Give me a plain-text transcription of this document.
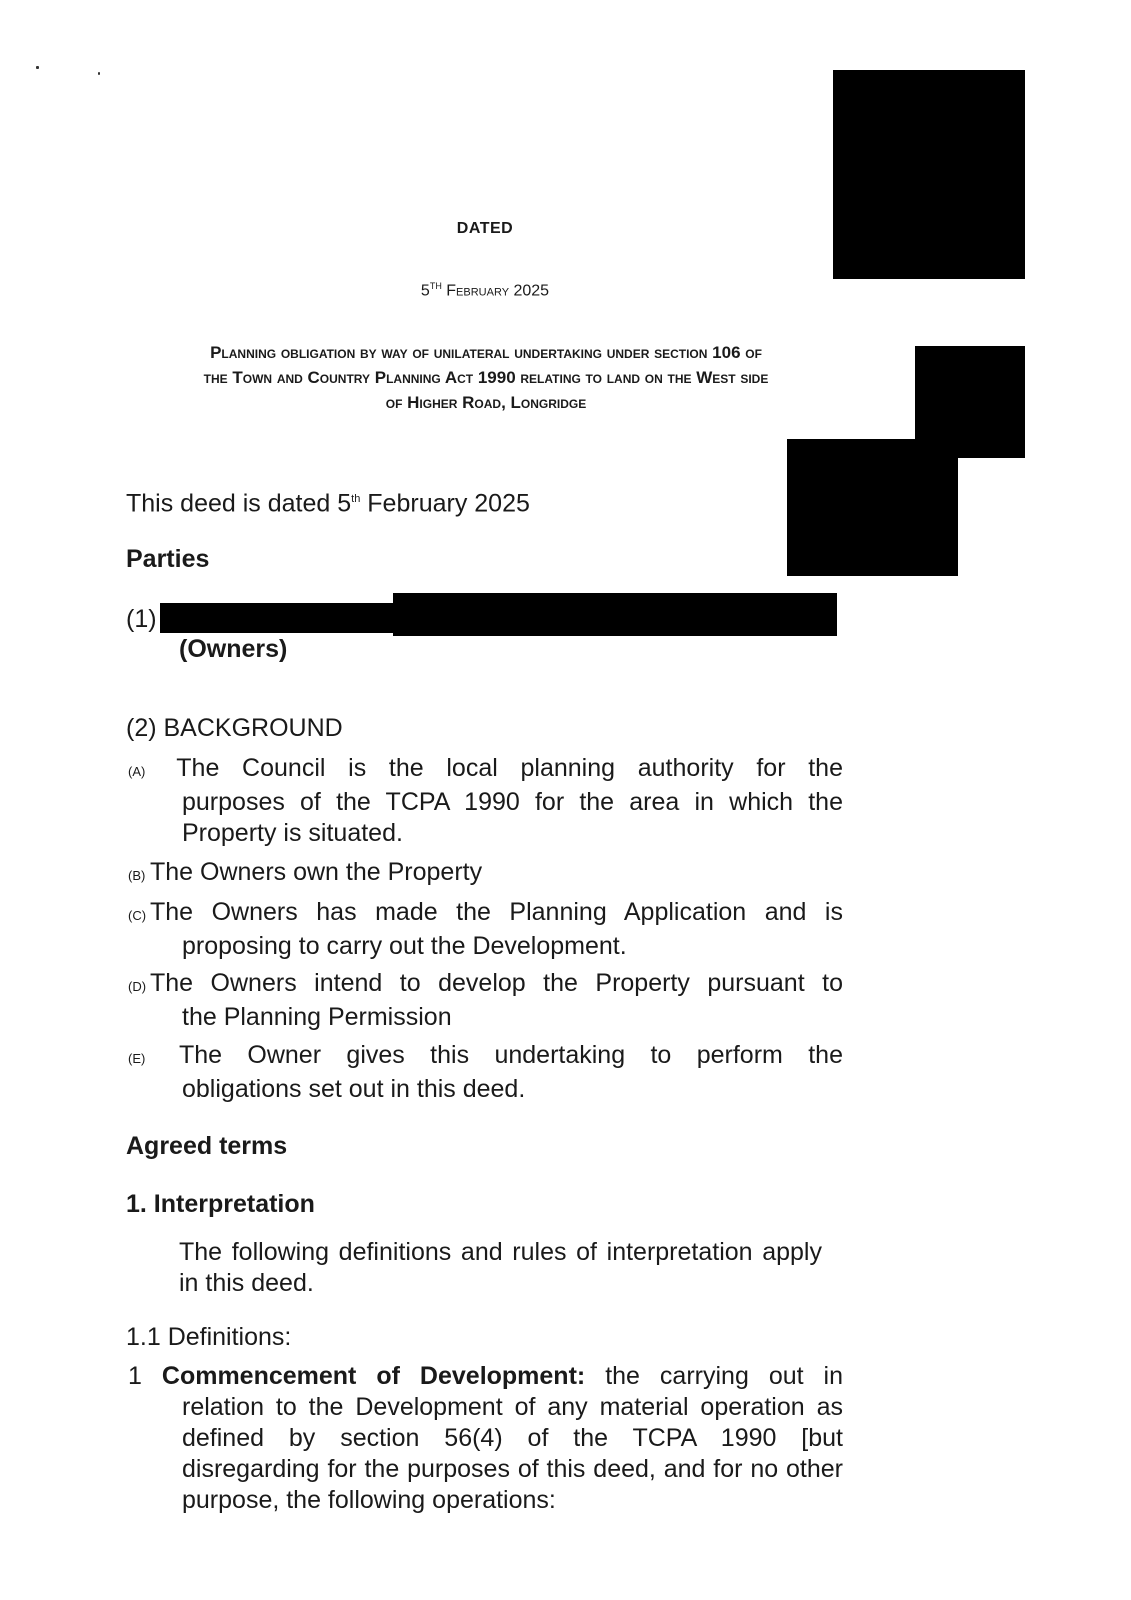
DATED
5TH February 2025
Planning obligation by way of unilateral undertaking under section 106 of
the Town and Country Planning Act 1990 relating to land on the West side
of Higher Road, Longridge
This deed is dated 5th February 2025
Parties
(1)
(Owners)
(2) BACKGROUND
(A) The Council is the local planning authority for the
purposes of the TCPA 1990 for the area in which the Property is situated.
(B) The Owners own the Property
(C) The Owners has made the Planning Application and is
proposing to carry out the Development.
(D) The Owners intend to develop the Property pursuant to
the Planning Permission
(E) The Owner gives this undertaking to perform the
obligations set out in this deed.
Agreed terms
1. Interpretation
The following definitions and rules of interpretation apply in this deed.
1.1 Definitions:
1 Commencement of Development: the carrying out in
relation to the Development of any material operation as defined by section 56(4) of the TCPA 1990 [but disregarding for the purposes of this deed, and for no other purpose, the following operations:
